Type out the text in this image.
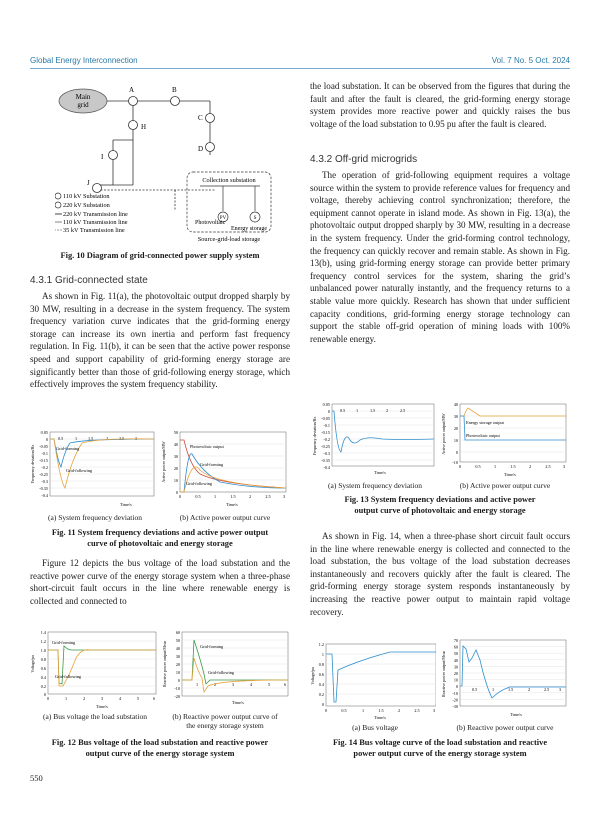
Global Energy Interconnection	Vol. 7 No. 5 Oct. 2024
Main
grid
A	B
C
D
H
I
J	Collection substation
PV	S
Photovoltaic
Energy storage
Source-grid-load storage
110 kV Substation
220 kV Substation
220 kV Transmission line
110 kV Transmission line
35 kV Transmission line

Fig. 10 Diagram of grid-connected power supply system

4.3.1 Grid-connected state

As shown in Fig. 11(a), the photovoltaic output dropped sharply by 30 MW, resulting in a decrease in the system frequency. The system frequency variation curve indicates that the grid-forming energy storage can increase its own inertia and perform fast frequency regulation. In Fig. 11(b), it can be seen that the active power response speed and support capability of grid-forming energy storage are significantly better than those of grid-following energy storage, which effectively improves the system frequency stability.

0.05
0
-0.05
-0.1
-0.15
-0.2
-0.25
-0.3
-0.35
-0.4
0.5	1	1.5	2	2.5	3
Grid-forming
Grid-following
Frequency deviation/Hz
Time/s
50
40
30
20
10
0
0	0.5	1	1.5	2	2.5	3
Photovoltaic output
Grid-forming
Grid-following
Active power output/MW
Time/s
(a) System frequency deviation	(b) Active power output curve

Fig. 11 System frequency deviations and active power output
curve of photovoltaic and energy storage

Figure 12 depicts the bus voltage of the load substation and the reactive power curve of the energy storage system when a three-phase short-circuit fault occurs in the line where renewable energy is collected and connected to

1.4
1.2
1.0
0.8
0.6
0.4
0.2
0
0	1	2	3	4	5	6
Grid-forming
Grid-following
Voltage/pu
Time/s
60
50
40
30
20
10
0
-10
-20
1	2	3	4	5	6
Grid-forming
Grid-following
Reactive power output/Mvar
Time/s
(a) Bus voltage the load substation	(b) Reactive power output curve of
the energy storage system

Fig. 12 Bus voltage of the load substation and reactive power
output curve of the energy storage system

550

the load substation. It can be observed from the figures that during the fault and after the fault is cleared, the grid-forming energy storage system provides more reactive power and quickly raises the bus voltage of the load substation to 0.95 pu after the fault is cleared.

4.3.2 Off-grid microgrids

The operation of grid-following equipment requires a voltage source within the system to provide reference values for frequency and voltage, thereby achieving control synchronization; therefore, the equipment cannot operate in island mode. As shown in Fig. 13(a), the photovoltaic output dropped sharply by 30 MW, resulting in a decrease in the system frequency. Under the grid-forming control technology, the frequency can quickly recover and remain stable. As shown in Fig. 13(b), using grid-forming energy storage can provide better primary frequency control services for the system, sharing the grid’s unbalanced power naturally instantly, and the frequency returns to a stable value more quickly. Research has shown that under sufficient capacity conditions, grid-forming energy storage technology can support the stable off-grid operation of mining loads with 100% renewable energy.

0.05
0
-0.05
-0.1
-0.15
-0.2
-0.25
-0.3
-0.35
-0.4
0.5	1	1.5	2	2.5
Frequency deviation/Hz
Time/s
40
30
20
10
0
-10
0	0.5	1	1.5	2	2.5	3
Energy storage output
Photovoltaic output
Active power output/MW
Time/s
(a) System frequency deviation	(b) Active power output curve

Fig. 13 System frequency deviations and active power
output curve of photovoltaic and energy storage

As shown in Fig. 14, when a three-phase short circuit fault occurs in the line where renewable energy is collected and connected to the load substation, the bus voltage of the load substation decreases instantaneously and recovers quickly after the fault is cleared. The grid-forming energy storage system responds instantaneously by increasing the reactive power output to maintain rapid voltage recovery.

1.2
1
0.8
0.6
0.4
0.2
0
0	0.5	1	1.5	2	2.5	3
Voltage/pu
Time/s
70
60
50
40
30
20
10
0
-10
-20
-30
0.5	1	1.5	2	2.5 3
Reactive power output/Mvar
Time/s
(a) Bus voltage	(b) Reactive power output curve

Fig. 14 Bus voltage curve of the load substation and reactive
power output curve of the energy storage system
